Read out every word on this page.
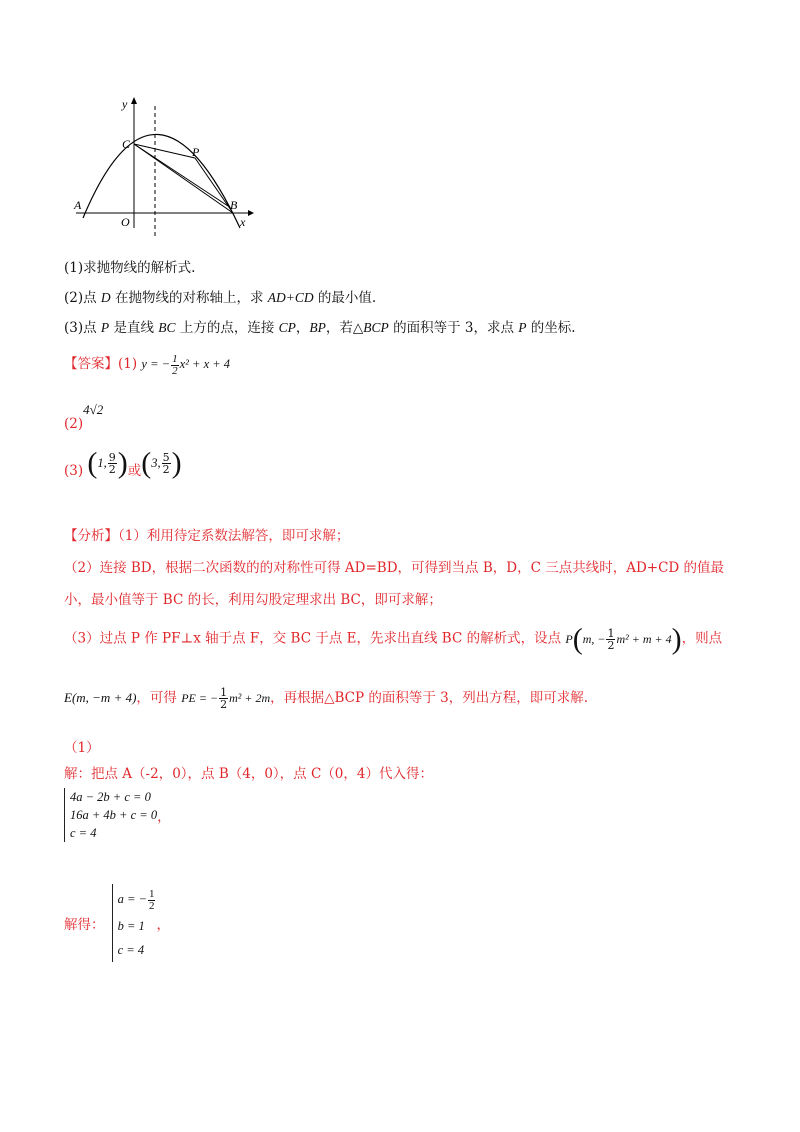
y
C
P
A
O
B
x
(1)求抛物线的解析式.
(2)点 D 在抛物线的对称轴上，求 AD+CD 的最小值.
(3)点 P 是直线 BC 上方的点，连接 CP，BP，若△BCP 的面积等于 3，求点 P 的坐标.
【答案】(1) y = − $\frac{1}{2} x^2 + x + 4$
(2)4√2
(3) (1, $\frac{9}{2}$ )或(3, $\frac{5}{2}$ )
【分析】（1）利用待定系数法解答，即可求解；
（2）连接 BD，根据二次函数的的对称性可得 AD=BD，可得到当点 B，D，C 三点共线时，AD+CD 的值最
小，最小值等于 BC 的长，利用勾股定理求出 BC，即可求解；
（3）过点 P 作 PF⊥x 轴于点 F，交 BC 于点 E，先求出直线 BC 的解析式，设点 P(m, − $\frac{1}{2} m^2 + m + 4$)，则点
E(m, −m + 4)，可得 PE = − $\frac{1}{2} m^2 + 2m$，再根据△BCP 的面积等于 3，列出方程，即可求解.
（1）
解：把点 A（-2，0），点 B（4，0），点 C（0，4）代入得：
4a − 2b + c = 0
16a + 4b + c = 0
c = 4
，
解得：
a = − $\frac{1}{2}$
b = 1
c = 4
，
